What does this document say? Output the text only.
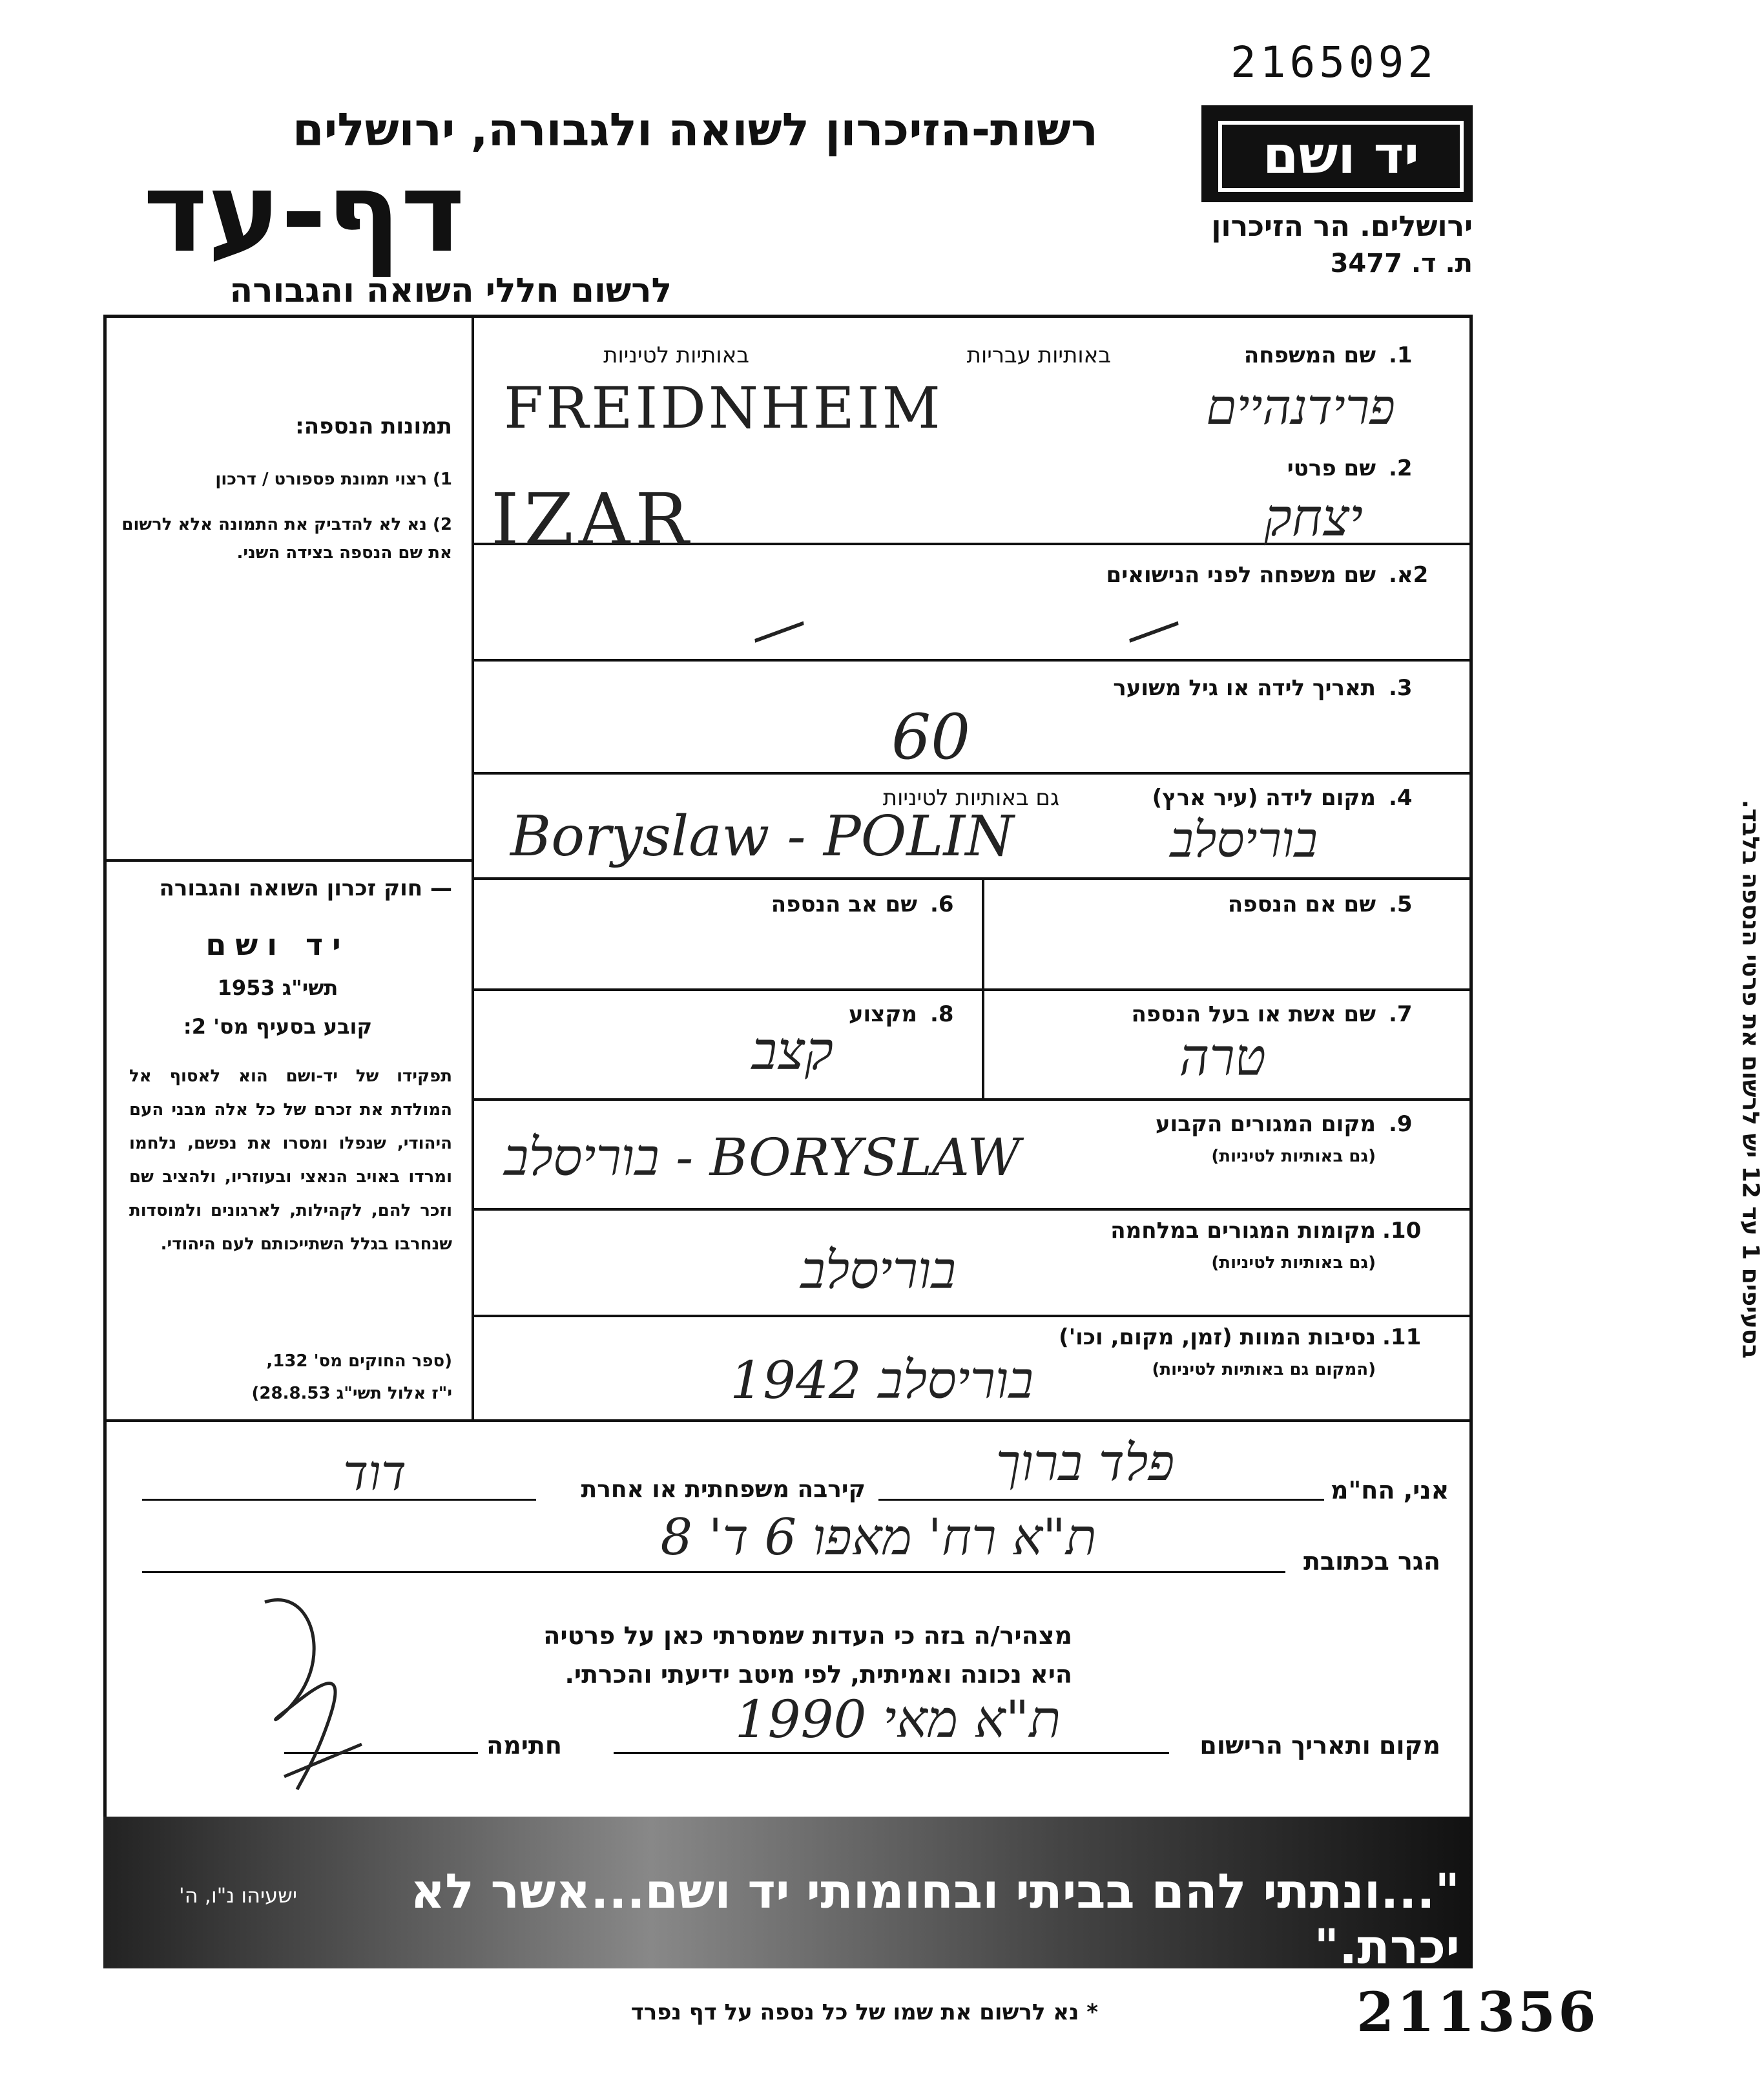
2165092
רשות-הזיכרון לשואה ולגבורה, ירושלים
דף-עד
לרשום חללי השואה והגבורה
יד ושם
ירושלים. הר הזיכרון
ת. ד. 3477
תמונות הנספה:
1) רצוי תמונת פספורט / דרכון
2) נא לא להדביק את התמונה אלא לרשום את שם הנספה בצידה השני.
— חוק זכרון השואה והגבורה
יד ושם
תשי"ג 1953
קובע בסעיף מס' 2:
תפקידו של יד-ושם הוא לאסוף אל המולדת את זכרם של כל אלה מבני העם היהודי, שנפלו ומסרו את נפשם, נלחמו ומרדו באויב הנאצי ובעוזריו, ולהציב שם וזכר להם, לקהילות, לארגונים ולמוסדות שנחרבו בגלל השתייכותם לעם היהודי.
(ספר החוקים מס' 132,
י"ז אלול תשי"ג 28.8.53)
1.
שם המשפחה
באותיות עבריות
באותיות לטיניות
FREIDNHEIM	פרידנהיים
2.
שם פרטי
IZAR	יצחק
2א.
שם משפחה לפני הנישואים
—	—
3.
תאריך לידה או גיל משוער
60
4.
מקום לידה (עיר ארץ)
גם באותיות לטיניות
Boryslaw - POLIN	בוריסלב
5.
שם אם הנספה
6.
שם אב הנספה
7.
שם אשת או בעל הנספה
טרה
8.
מקצוע
קצב
9.
מקום המגורים הקבוע
(גם באותיות לטיניות)
בוריסלב - BORYSLAW
10.
מקומות המגורים במלחמה
(גם באותיות לטיניות)
בוריסלב
11.
נסיבות המוות (זמן, מקום, וכו')
(המקום גם באותיות לטיניות)
בוריסלב 1942
בסעיפים 1 עד 12 יש לרשום את פרטי הנספה בלבד.
אני, הח"מ
פלד ברוך
קירבה משפחתית או אחרת
דוד
הגר בכתובת
ת"א רח' מאפו 6 ד' 8
מצהיר/ה בזה כי העדות שמסרתי כאן על פרטיה
היא נכונה ואמיתית, לפי מיטב ידיעתי והכרתי.
מקום ותאריך הרישום
ת"א מאי 1990
חתימה
"...ונתתי להם בביתי ובחומותי יד ושם...אשר לא יכרת."
ישעיהו נ"ו, ה'
* נא לרשום את שמו של כל נספה על דף נפרד	211356
